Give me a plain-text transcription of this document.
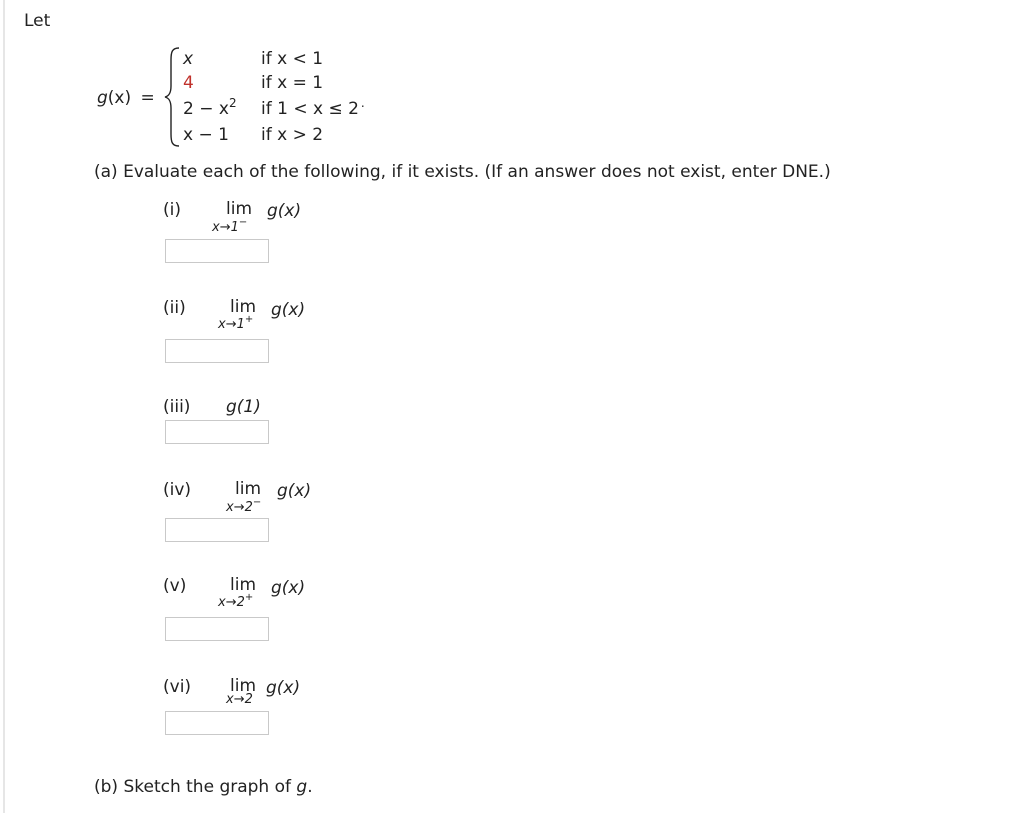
Let
g(x) =
x	if x < 1
4	if x = 1
$2 - x^2$ if 1 < x ≤ 2 .
x − 1 if x > 2
(a) Evaluate each of the following, if it exists. (If an answer does not exist, enter DNE.)
(i)	lim
x→1−
g(x)
(ii)	lim
x→1+ g(x)
(iii) g(1)
(iv)	lim
x→2−
g(x)
(v)	lim
x→2+ g(x)
(vi) lim
x→2
g(x)
(b) Sketch the graph of g.
